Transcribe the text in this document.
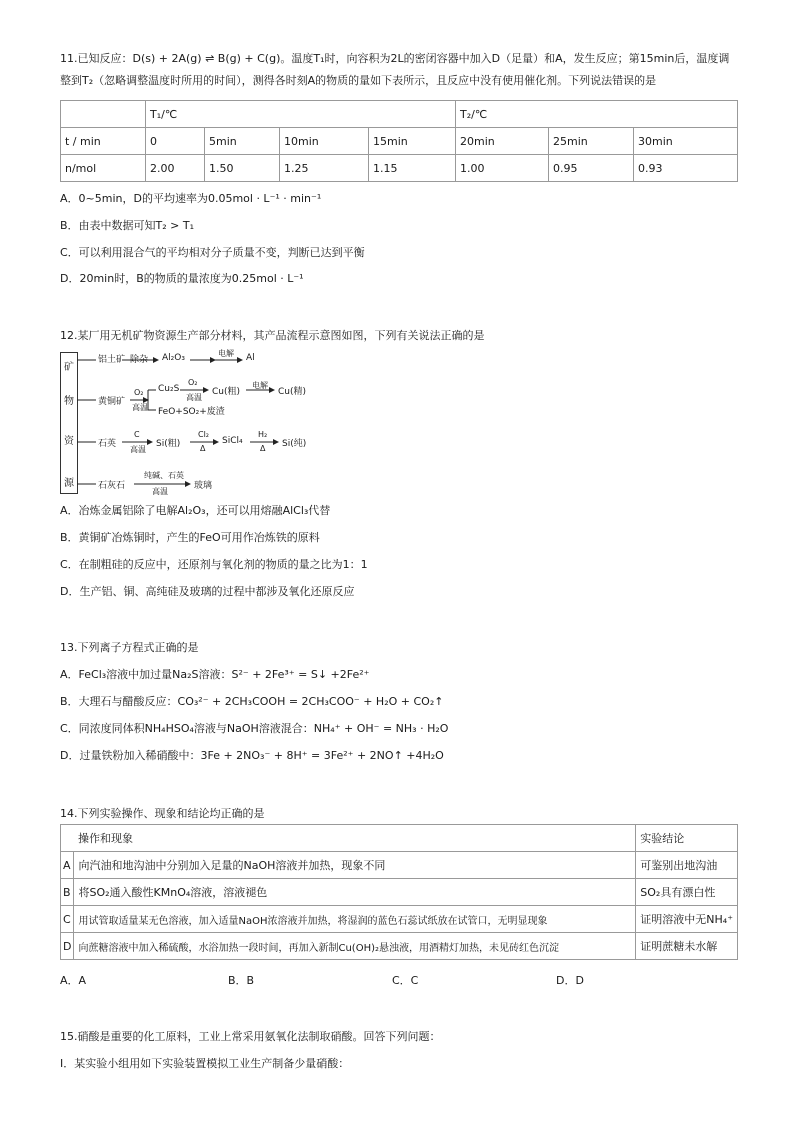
11.已知反应：D(s) + 2A(g) ⇌ B(g) + C(g)。温度T₁时，向容积为2L的密闭容器中加入D（足量）和A，发生反应；第15min后，温度调
整到T₂（忽略调整温度时所用的时间），测得各时刻A的物质的量如下表所示，且反应中没有使用催化剂。下列说法错误的是
	T₁/℃				T₂/℃		
t / min	0	5min	10min	15min	20min	25min	30min
n/mol	2.00	1.50	1.25	1.15	1.00	0.95	0.93
A．0~5min，D的平均速率为0.05mol · L⁻¹ · min⁻¹
B．由表中数据可知T₂ > T₁
C．可以利用混合气的平均相对分子质量不变，判断已达到平衡
D．20min时，B的物质的量浓度为0.25mol · L⁻¹
12.某厂用无机矿物资源生产部分材料，其产品流程示意图如图，下列有关说法正确的是
矿
物
资
源
铝土矿 除杂 Al₂O₃	电解 Al
黄铜矿
O₂
高温
Cu₂S
O₂
高温
Cu(粗)
电解
Cu(精)
FeO+SO₂+废渣
石英
C
高温
Si(粗)
Cl₂
Δ
SiCl₄
H₂
Δ Si(纯)
石灰石
纯碱、石英
高温
玻璃
A．冶炼金属铝除了电解Al₂O₃，还可以用熔融AlCl₃代替
B．黄铜矿冶炼铜时，产生的FeO可用作冶炼铁的原料
C．在制粗硅的反应中，还原剂与氧化剂的物质的量之比为1：1
D．生产铝、铜、高纯硅及玻璃的过程中都涉及氧化还原反应
13.下列离子方程式正确的是
A．FeCl₃溶液中加过量Na₂S溶液：S²⁻ + 2Fe³⁺ = S↓ +2Fe²⁺
B．大理石与醋酸反应：CO₃²⁻ + 2CH₃COOH = 2CH₃COO⁻ + H₂O + CO₂↑
C．同浓度同体积NH₄HSO₄溶液与NaOH溶液混合：NH₄⁺ + OH⁻ = NH₃ · H₂O
D．过量铁粉加入稀硝酸中：3Fe + 2NO₃⁻ + 8H⁺ = 3Fe²⁺ + 2NO↑ +4H₂O
14.下列实验操作、现象和结论均正确的是
	操作和现象	实验结论
A	向汽油和地沟油中分别加入足量的NaOH溶液并加热，现象不同	可鉴别出地沟油
B	将SO₂通入酸性KMnO₄溶液，溶液褪色	SO₂具有漂白性
C	用试管取适量某无色溶液，加入适量NaOH浓溶液并加热，将湿润的蓝色石蕊试纸放在试管口，无明显现象	证明溶液中无NH₄⁺
D	向蔗糖溶液中加入稀硫酸，水浴加热一段时间，再加入新制Cu(OH)₂悬浊液，用酒精灯加热，未见砖红色沉淀	证明蔗糖未水解
A．A	B．B	C．C	D．D
15.硝酸是重要的化工原料，工业上常采用氨氧化法制取硝酸。回答下列问题：
Ⅰ．某实验小组用如下实验装置模拟工业生产制备少量硝酸：
